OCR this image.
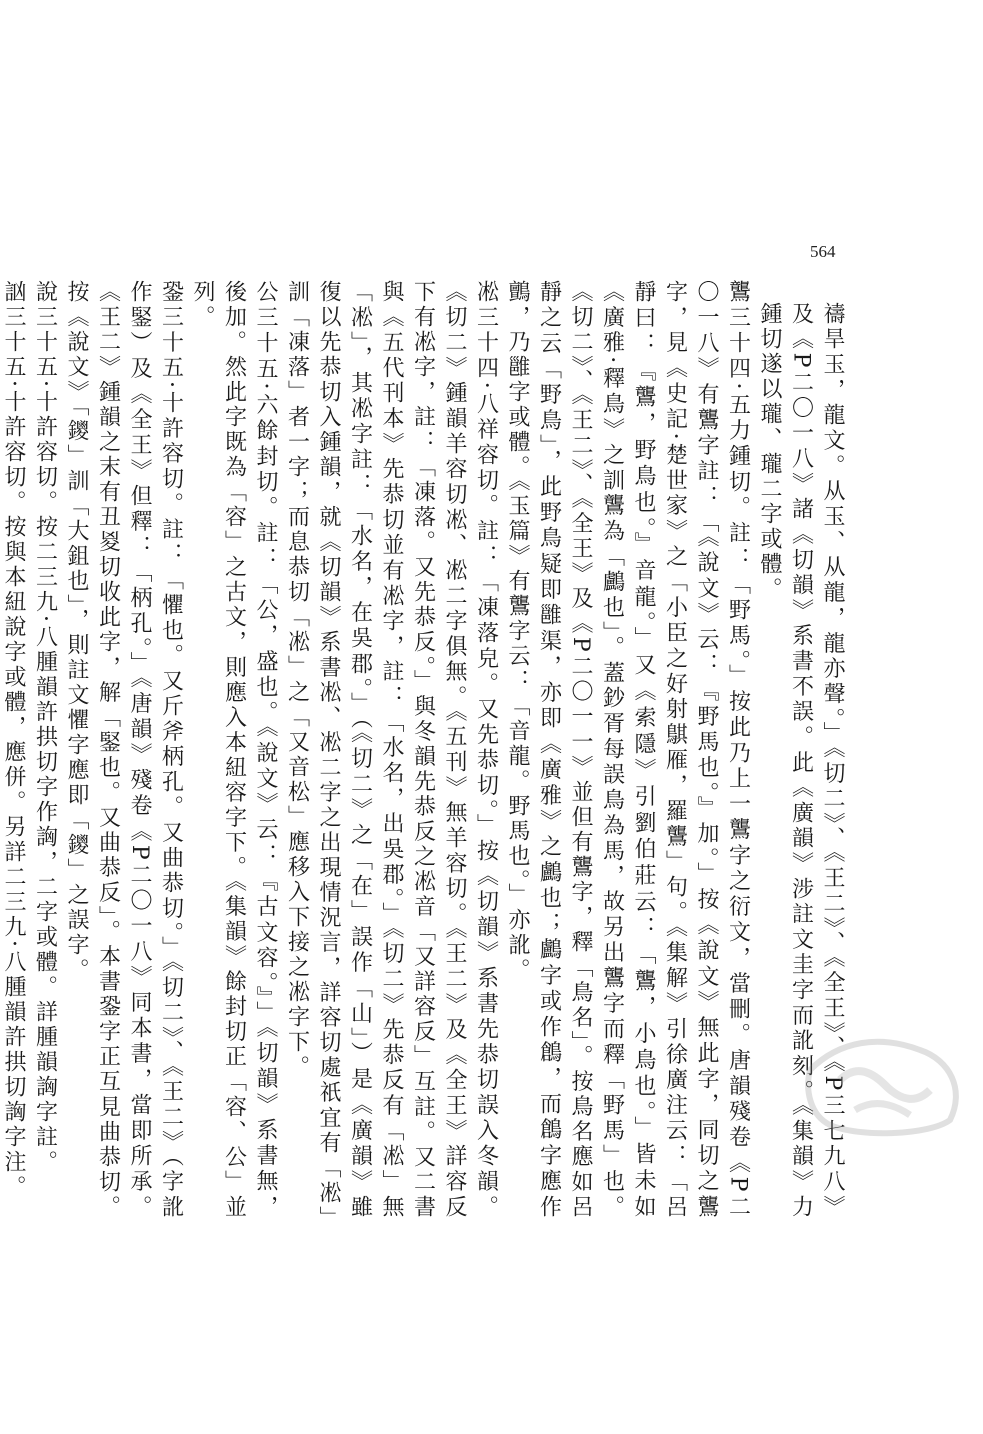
564

禱旱玉，龍文。从玉、从龍，龍亦聲。」《切二》、《王二》、《全王》、《P三七九八》及《P二〇一八》諸《切韻》系書不誤。此《廣韻》涉註文圭字而訛刻。《集韻》力鍾切遂以瓏、瓏二字或體。

鸗三十四·五力鍾切。註：「野馬。」按此乃上一鸗字之衍文，當刪。唐韻殘卷《P二〇一八》有鸗字註：「《說文》云：『野馬也。』加。」按《說文》無此字，同切之鸗字，見《史記·楚世家》之「小臣之好射鶀雁，羅鸗」句。《集解》引徐廣注云：「呂靜曰：『鸗，野鳥也。』音龍。」又《索隱》引劉伯莊云：「鸗，小鳥也。」皆未如《廣雅·釋鳥》之訓鸗為「鸕也」。蓋鈔胥每誤鳥為馬，故另出鸗字而釋「野馬」也。《切二》、《王二》、《全王》及《P二〇一一》並但有鸗字，釋「鳥名」。按鳥名應如呂靜之云「野鳥」，此野鳥疑即雝渠，亦即《廣雅》之鸕也；鸕字或作鶬，而鶬字應作鸇，乃雝字或體。《玉篇》有鸗字云：「音龍。野馬也。」亦訛。

凇三十四·八祥容切。註：「凍落皃。又先恭切。」按《切韻》系書先恭切誤入冬韻。《切二》鍾韻羊容切凇、凇二字俱無。《五刊》無羊容切。《王二》及《全王》詳容反下有凇字，註：「凍落。又先恭反。」與冬韻先恭反之凇音「又詳容反」互註。又二書與《五代刊本》先恭切並有凇字，註：「水名，出吳郡。」《切二》先恭反有「凇」無「凇」，其凇字註：「水名，在吳郡。」（《切二》之「在」誤作「山」）是《廣韻》雖復以先恭切入鍾韻，就《切韻》系書凇、凇二字之出現情況言，詳容切處祇宜有「凇」訓「凍落」者一字；而息恭切「凇」之「又音松」應移入下接之凇字下。

公三十五·六餘封切。註：「公，盛也。《說文》云：『古文容。』」《切韻》系書無，後加。然此字既為「容」之古文，則應入本紐容字下。《集韻》餘封切正「容、公」並列。

銎三十五·十許容切。註：「懼也。又斤斧柄孔。又曲恭切。」《切二》、《王二》（字訛作鋻）及《全王》但釋：「柄孔。」《唐韻》殘卷《P二〇一八》同本書，當即所承。《王二》鍾韻之末有丑㚇切收此字，解「鋻也。又曲恭反」。本書銎字正互見曲恭切。按《說文》「鑁」訓「大鉏也」，則註文懼字應即「鑁」之誤字。

說三十五·十許容切。按二三九·八腫韻許拱切字作詾，二字或體。詳腫韻詾字註。

訩三十五·十許容切。按與本紐說字或體，應併。另詳二三九·八腫韻許拱切詾字注。
